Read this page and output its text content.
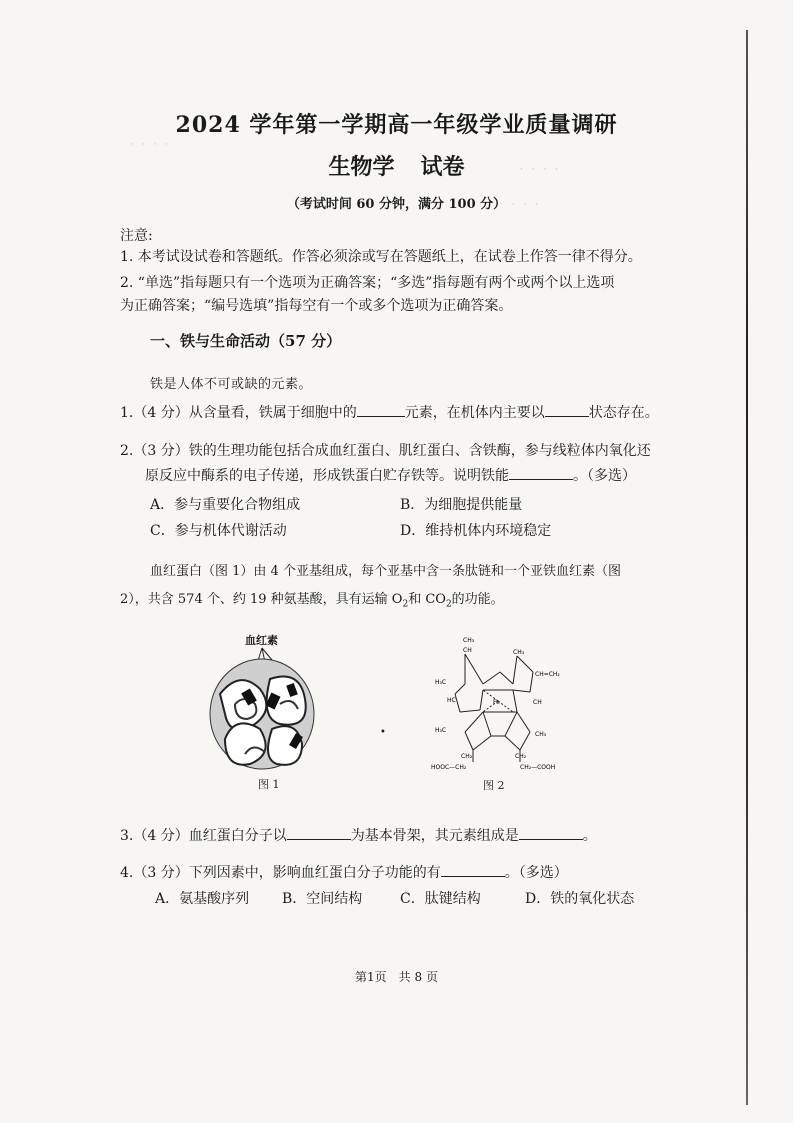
· · · ·
· · · ·
· · · ·
2024 学年第一学期高一年级学业质量调研
生物学 试卷
（考试时间 60 分钟，满分 100 分）
注意:
1. 本考试设试卷和答题纸。作答必须涂或写在答题纸上，在试卷上作答一律不得分。
2. “单选”指每题只有一个选项为正确答案；“多选”指每题有两个或两个以上选项
为正确答案；“编号选填”指每空有一个或多个选项为正确答案。
一、铁与生命活动（57 分）
铁是人体不可或缺的元素。
1.（4 分）从含量看，铁属于细胞中的	元素，在机体内主要以	状态存在。
2.（3 分）铁的生理功能包括合成血红蛋白、肌红蛋白、含铁酶，参与线粒体内氧化还
原反应中酶系的电子传递，形成铁蛋白贮存铁等。说明铁能	。（多选）
A．参与重要化合物组成	B．为细胞提供能量
C．参与机体代谢活动	D．维持机体内环境稳定
血红蛋白（图 1）由 4 个亚基组成，每个亚基中含一条肽链和一个亚铁血红素（图
2），共含 574 个、约 19 种氨基酸，具有运输 $O_2$和 $CO_2$的功能。
血红素
图 1
•
CH₃
CH	CH₃
CH=CH₂
H₃C
HC	Fe	CH
H₃C
CH₃
CH₂	CH₂
HOOC—CH₂	CH₂—COOH
图 2
3.（4 分）血红蛋白分子以	为基本骨架，其元素组成是	。
4.（3 分）下列因素中，影响血红蛋白分子功能的有	。（多选）
A．氨基酸序列 B．空间结构	C．肽键结构	D．铁的氧化状态
第1页　共 8 页
